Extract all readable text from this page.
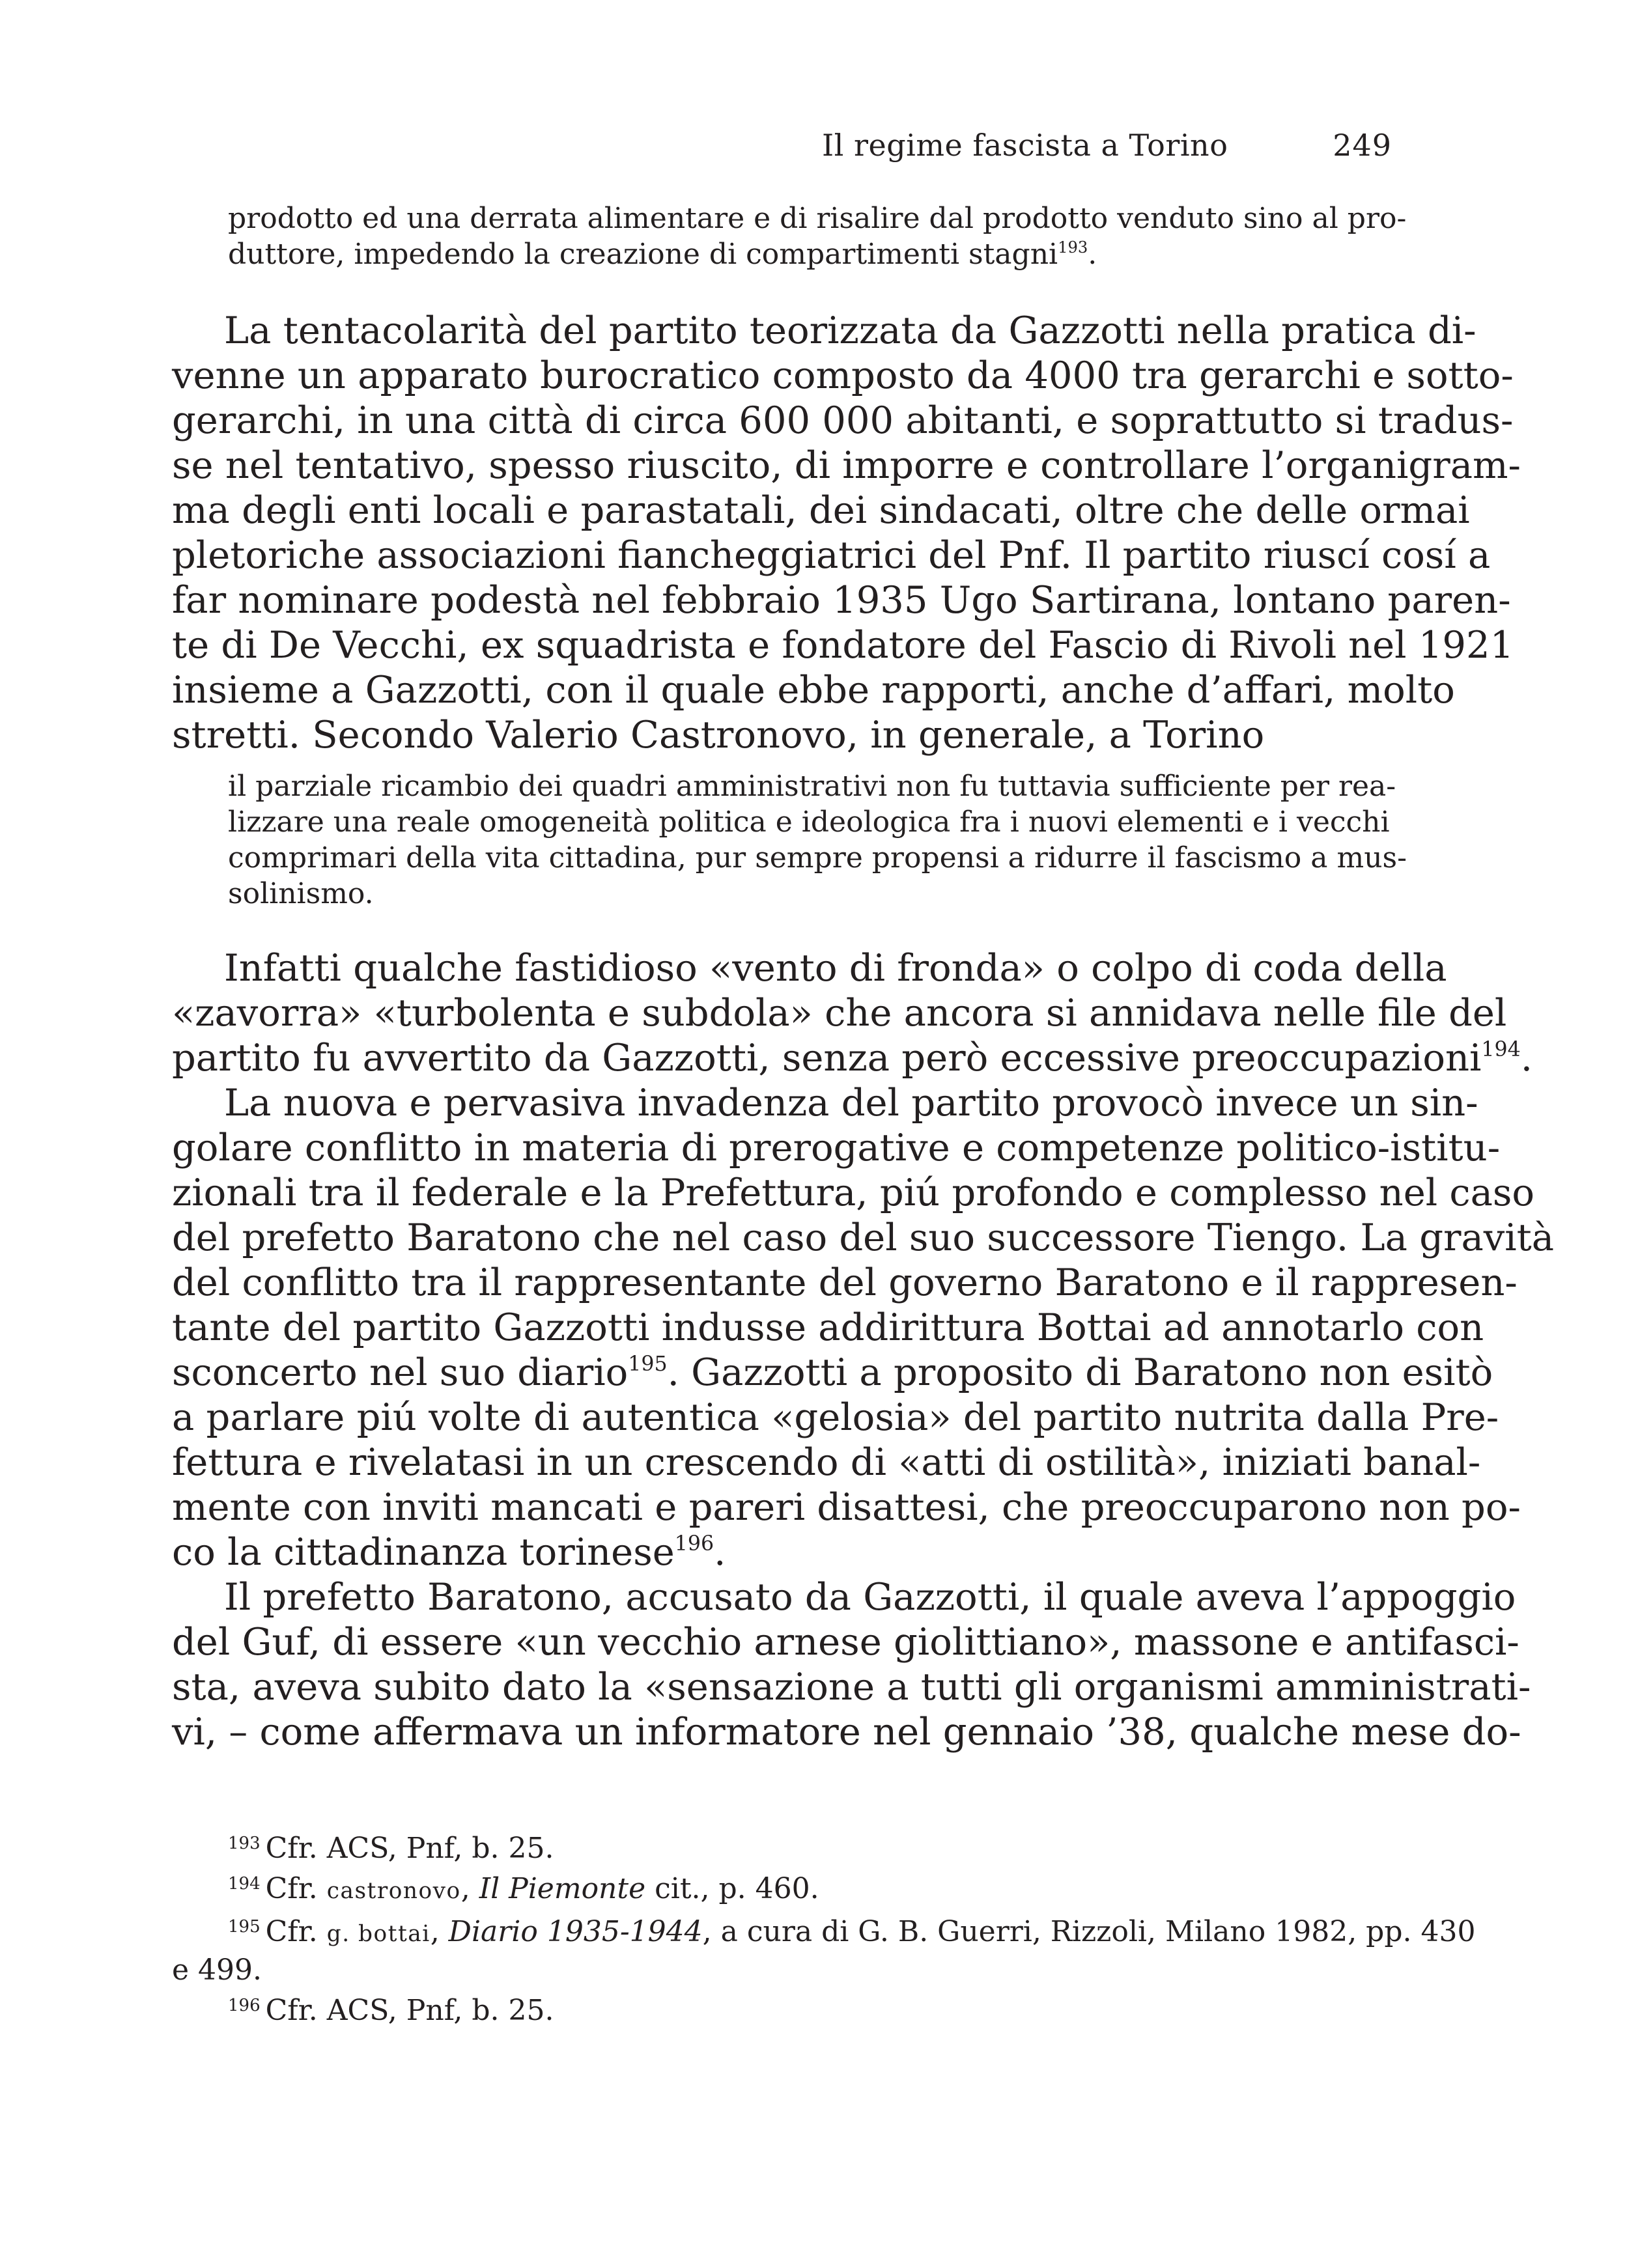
Il regime fascista a Torino	249
prodotto ed una derrata alimentare e di risalire dal prodotto venduto sino al pro-
duttore, impedendo la creazione di compartimenti stagni$^{193}$.
La tentacolarità del partito teorizzata da Gazzotti nella pratica di-
venne un apparato burocratico composto da 4000 tra gerarchi e sotto-
gerarchi, in una città di circa 600 000 abitanti, e soprattutto si tradus-
se nel tentativo, spesso riuscito, di imporre e controllare l’organigram-
ma degli enti locali e parastatali, dei sindacati, oltre che delle ormai
pletoriche associazioni fiancheggiatrici del Pnf. Il partito riuscí cosí a
far nominare podestà nel febbraio 1935 Ugo Sartirana, lontano paren-
te di De Vecchi, ex squadrista e fondatore del Fascio di Rivoli nel 1921
insieme a Gazzotti, con il quale ebbe rapporti, anche d’affari, molto
stretti. Secondo Valerio Castronovo, in generale, a Torino
il parziale ricambio dei quadri amministrativi non fu tuttavia sufficiente per rea-
lizzare una reale omogeneità politica e ideologica fra i nuovi elementi e i vecchi
comprimari della vita cittadina, pur sempre propensi a ridurre il fascismo a mus-
solinismo.
Infatti qualche fastidioso «vento di fronda» o colpo di coda della
«zavorra» «turbolenta e subdola» che ancora si annidava nelle file del
partito fu avvertito da Gazzotti, senza però eccessive preoccupazioni$^{194}$.
La nuova e pervasiva invadenza del partito provocò invece un sin-
golare conflitto in materia di prerogative e competenze politico-istitu-
zionali tra il federale e la Prefettura, piú profondo e complesso nel caso
del prefetto Baratono che nel caso del suo successore Tiengo. La gravità
del conflitto tra il rappresentante del governo Baratono e il rappresen-
tante del partito Gazzotti indusse addirittura Bottai ad annotarlo con
sconcerto nel suo diario$^{195}$. Gazzotti a proposito di Baratono non esitò
a parlare piú volte di autentica «gelosia» del partito nutrita dalla Pre-
fettura e rivelatasi in un crescendo di «atti di ostilità», iniziati banal-
mente con inviti mancati e pareri disattesi, che preoccuparono non po-
co la cittadinanza torinese$^{196}$.
Il prefetto Baratono, accusato da Gazzotti, il quale aveva l’appoggio
del Guf, di essere «un vecchio arnese giolittiano», massone e antifasci-
sta, aveva subito dato la «sensazione a tutti gli organismi amministrati-
vi, – come affermava un informatore nel gennaio ’38, qualche mese do-
$^{193}$ Cfr. ACS, Pnf, b. 25.
$^{194}$ Cfr. castronovo, Il Piemonte cit., p. 460.
$^{195}$ Cfr. g. bottai, Diario 1935-1944, a cura di G. B. Guerri, Rizzoli, Milano 1982, pp. 430
e 499.
$^{196}$ Cfr. ACS, Pnf, b. 25.
